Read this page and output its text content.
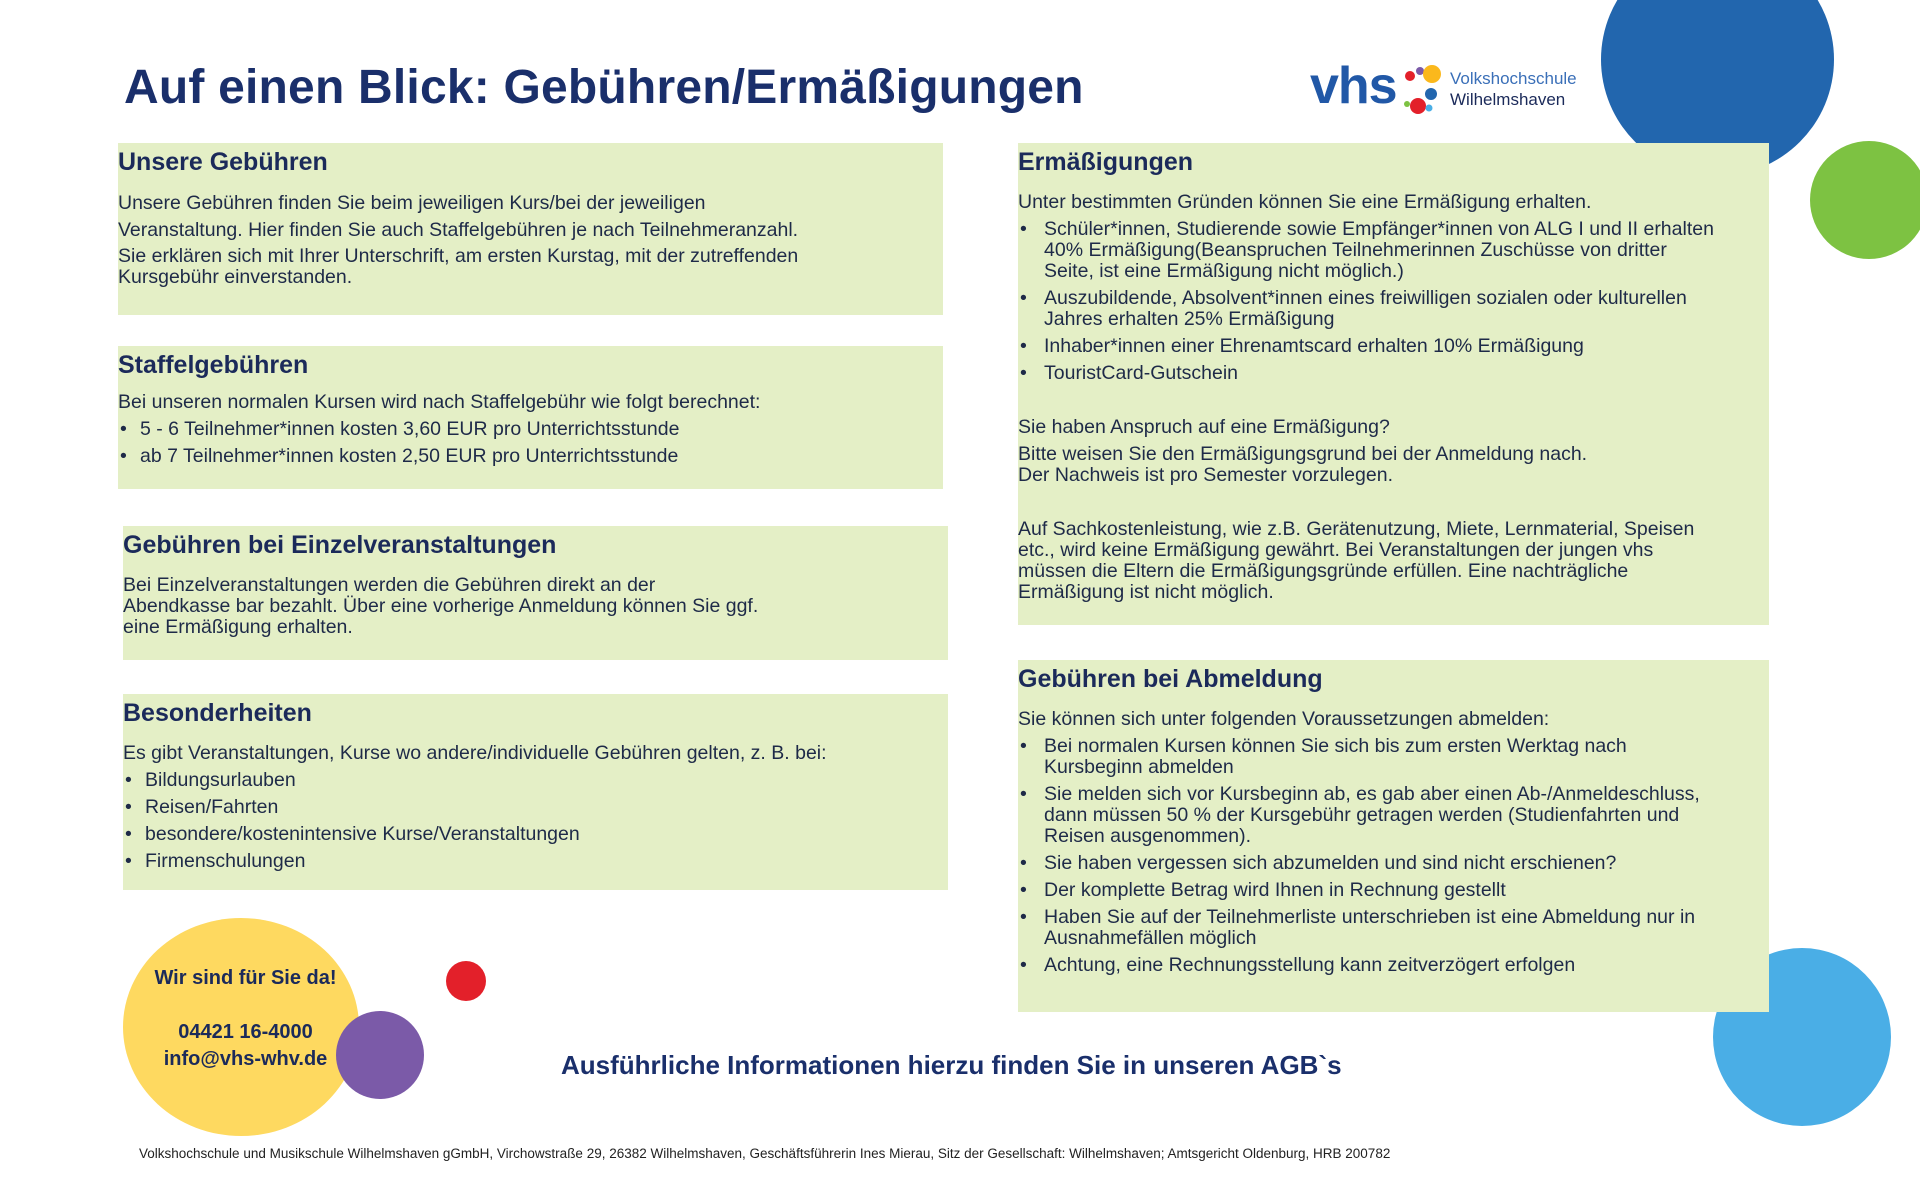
Auf einen Blick: Gebühren/Ermäßigungen	vhs	Volkshochschule
Wilhelmshaven
Unsere Gebühren

Unsere Gebühren finden Sie beim jeweiligen Kurs/bei der jeweiligen

Veranstaltung. Hier finden Sie auch Staffelgebühren je nach Teilnehmeranzahl.

Sie erklären sich mit Ihrer Unterschrift, am ersten Kurstag, mit der zutreffenden

Kursgebühr einverstanden.

Staffelgebühren

Bei unseren normalen Kursen wird nach Staffelgebühr wie folgt berechnet:

• 5 - 6 Teilnehmer*innen kosten 3,60 EUR pro Unterrichtsstunde
• ab 7 Teilnehmer*innen kosten 2,50 EUR pro Unterrichtsstunde
Gebühren bei Einzelveranstaltungen

Bei Einzelveranstaltungen werden die Gebühren direkt an der

Abendkasse bar bezahlt. Über eine vorherige Anmeldung können Sie ggf.

eine Ermäßigung erhalten.

Besonderheiten

Es gibt Veranstaltungen, Kurse wo andere/individuelle Gebühren gelten, z. B. bei:

• Bildungsurlauben
• Reisen/Fahrten
• besondere/kostenintensive Kurse/Veranstaltungen
• Firmenschulungen
Ermäßigungen

Unter bestimmten Gründen können Sie eine Ermäßigung erhalten.

• Schüler*innen, Studierende sowie Empfänger*innen von ALG I und II erhalten
40% Ermäßigung(Beanspruchen Teilnehmerinnen Zuschüsse von dritter
Seite, ist eine Ermäßigung nicht möglich.)
• Auszubildende, Absolvent*innen eines freiwilligen sozialen oder kulturellen
Jahres erhalten 25% Ermäßigung
• Inhaber*innen einer Ehrenamtscard erhalten 10% Ermäßigung
• TouristCard-Gutschein

Sie haben Anspruch auf eine Ermäßigung?

Bitte weisen Sie den Ermäßigungsgrund bei der Anmeldung nach.

Der Nachweis ist pro Semester vorzulegen.

Auf Sachkostenleistung, wie z.B. Gerätenutzung, Miete, Lernmaterial, Speisen

etc., wird keine Ermäßigung gewährt. Bei Veranstaltungen der jungen vhs

müssen die Eltern die Ermäßigungsgründe erfüllen. Eine nachträgliche

Ermäßigung ist nicht möglich.

Gebühren bei Abmeldung

Sie können sich unter folgenden Voraussetzungen abmelden:

• Bei normalen Kursen können Sie sich bis zum ersten Werktag nach
Kursbeginn abmelden
• Sie melden sich vor Kursbeginn ab, es gab aber einen Ab-/Anmeldeschluss,
dann müssen 50 % der Kursgebühr getragen werden (Studienfahrten und
Reisen ausgenommen).
• Sie haben vergessen sich abzumelden und sind nicht erschienen?
• Der komplette Betrag wird Ihnen in Rechnung gestellt
• Haben Sie auf der Teilnehmerliste unterschrieben ist eine Abmeldung nur in
Ausnahmefällen möglich
• Achtung, eine Rechnungsstellung kann zeitverzögert erfolgen
Wir sind für Sie da!
04421 16-4000
info@vhs-whv.de	Ausführliche Informationen hierzu finden Sie in unseren AGB`s
Volkshochschule und Musikschule Wilhelmshaven gGmbH, Virchowstraße 29, 26382 Wilhelmshaven, Geschäftsführerin Ines Mierau, Sitz der Gesellschaft: Wilhelmshaven; Amtsgericht Oldenburg, HRB 200782
